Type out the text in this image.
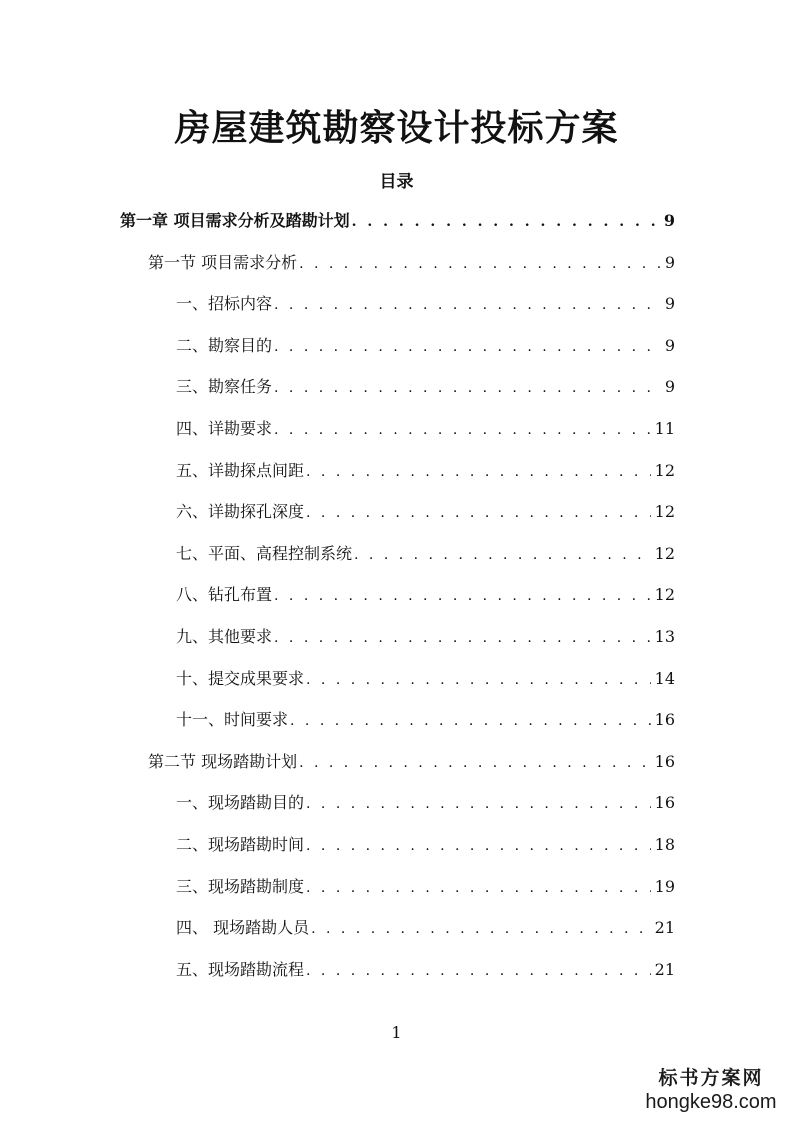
房屋建筑勘察设计投标方案
目录
第一章 项目需求分析及踏勘计划 . . .	9
第一节 项目需求分析 . . .	9
一、招标内容 . . .	9
二、勘察目的 . . .	9
三、勘察任务 . . .	9
四、详勘要求 . . .	11
五、详勘探点间距 . . .	12
六、详勘探孔深度 . . .	12
七、平面、高程控制系统 . . .	12
八、钻孔布置 . . .	12
九、其他要求 . . .	13
十、提交成果要求 . . .	14
十一、时间要求 . . .	16
第二节 现场踏勘计划 . . .	16
一、现场踏勘目的 . . .	16
二、现场踏勘时间 . . .	18
三、现场踏勘制度 . . .	19
四、 现场踏勘人员 . . .	21
五、现场踏勘流程 . . .	21
1
标书方案网
hongke98.com
